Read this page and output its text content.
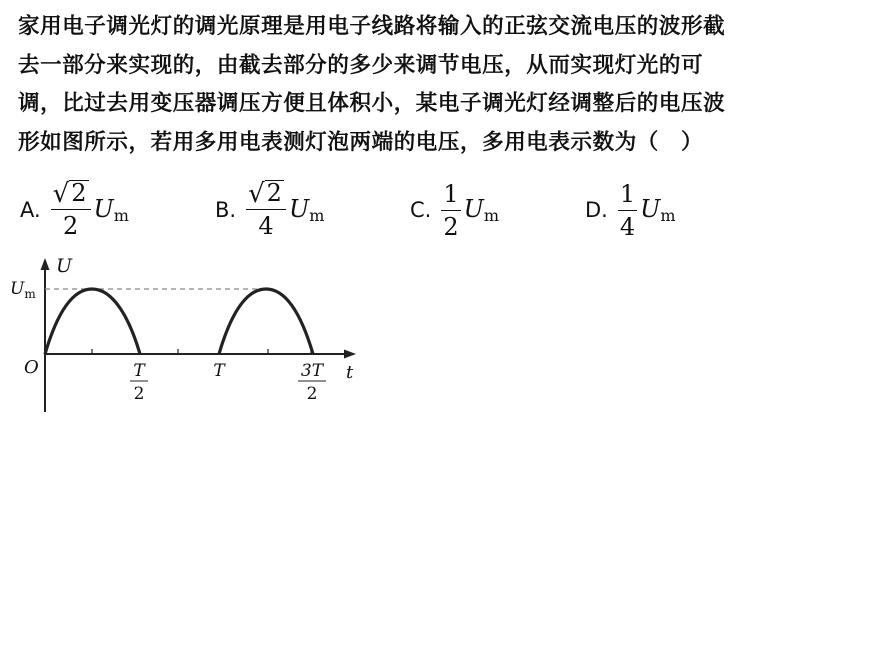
家用电子调光灯的调光原理是用电子线路将输入的正弦交流电压的波形截
去一部分来实现的，由截去部分的多少来调节电压，从而实现灯光的可
调，比过去用变压器调压方便且体积小，某电子调光灯经调整后的电压波
形如图所示，若用多用电表测灯泡两端的电压，多用电表示数为（　）
A. $\frac{√ 2}{2} U_m$	B. $\frac{√ 2}{4} U_m$	C. $\frac{1}{2} U_m$	D. $\frac{1}{4} U_m$
U
$U_m$
O	t
T
2
T	3T
2
